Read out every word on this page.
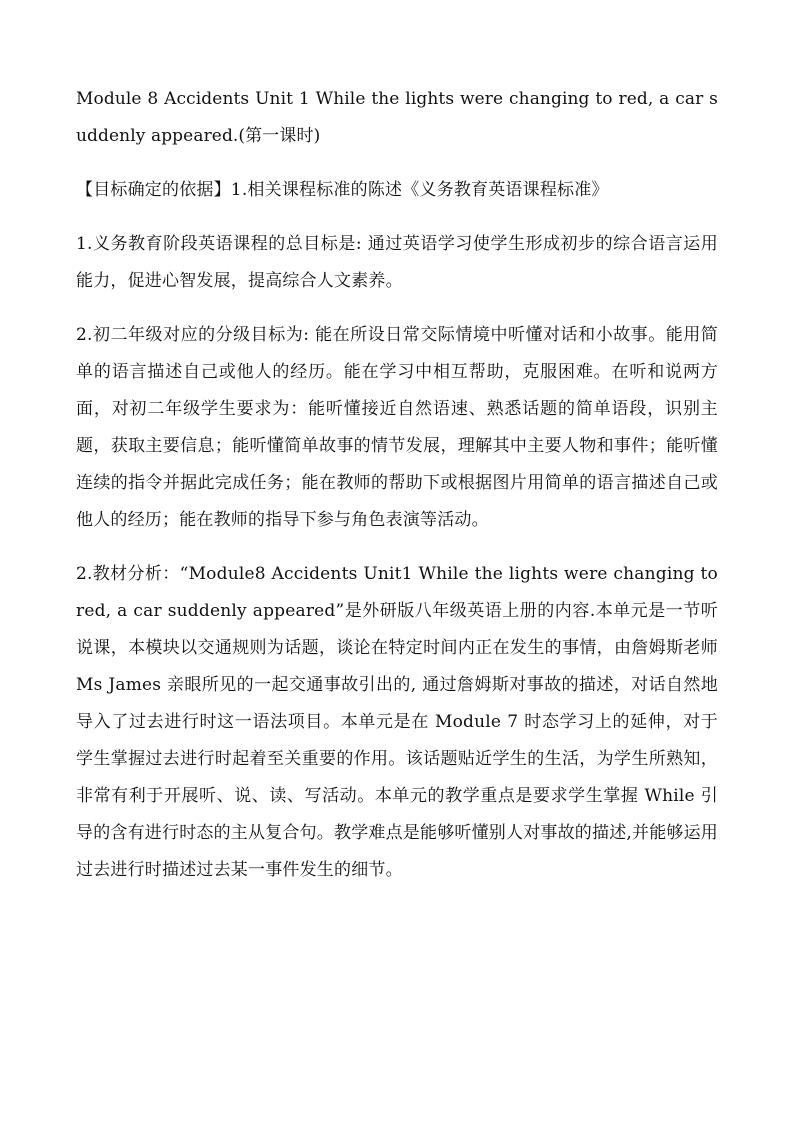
Module 8 Accidents Unit 1 While the lights were changing to red, a car suddenly appeared.(第一课时)

【目标确定的依据】1.相关课程标准的陈述《义务教育英语课程标准》

1.义务教育阶段英语课程的总目标是: 通过英语学习使学生形成初步的综合语言运用能力，促进心智发展，提高综合人文素养。

2.初二年级对应的分级目标为: 能在所设日常交际情境中听懂对话和小故事。能用简单的语言描述自己或他人的经历。能在学习中相互帮助，克服困难。在听和说两方面，对初二年级学生要求为：能听懂接近自然语速、熟悉话题的简单语段，识别主题，获取主要信息；能听懂简单故事的情节发展，理解其中主要人物和事件；能听懂连续的指令并据此完成任务；能在教师的帮助下或根据图片用简单的语言描述自己或他人的经历；能在教师的指导下参与角色表演等活动。

2.教材分析：“Module8 Accidents Unit1 While the lights were changing to red, a car suddenly appeared”是外研版八年级英语上册的内容.本单元是一节听说课，本模块以交通规则为话题，谈论在特定时间内正在发生的事情，由詹姆斯老师 Ms James 亲眼所见的一起交通事故引出的, 通过詹姆斯对事故的描述，对话自然地导入了过去进行时这一语法项目。本单元是在 Module 7 时态学习上的延伸，对于学生掌握过去进行时起着至关重要的作用。该话题贴近学生的生活，为学生所熟知，非常有利于开展听、说、读、写活动。本单元的教学重点是要求学生掌握 While 引导的含有进行时态的主从复合句。教学难点是能够听懂别人对事故的描述,并能够运用过去进行时描述过去某一事件发生的细节。
